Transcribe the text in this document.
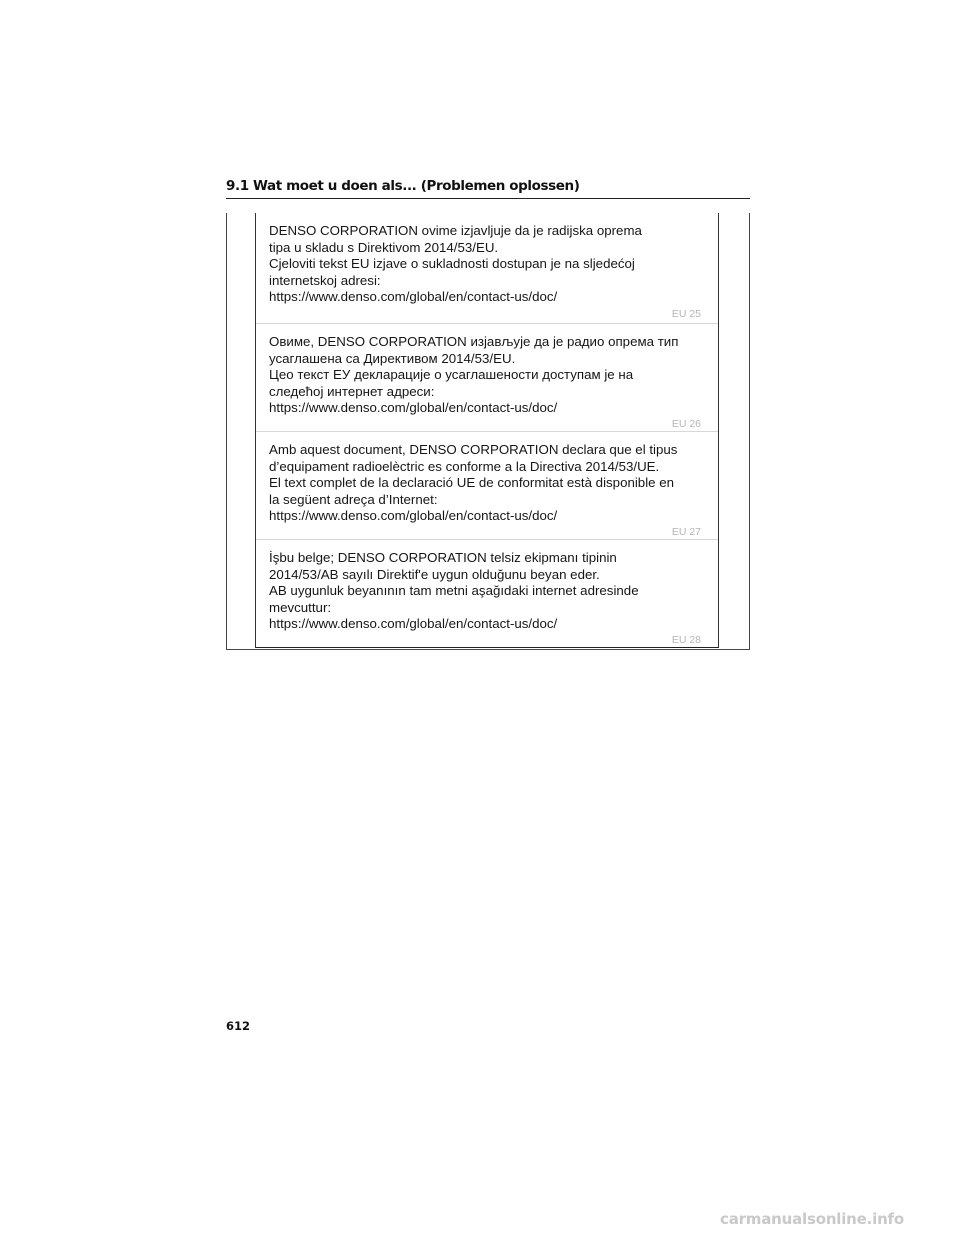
9.1 Wat moet u doen als... (Problemen oplossen)
DENSO CORPORATION ovime izjavljuje da je radijska oprema
tipa u skladu s Direktivom 2014/53/EU.
Cjeloviti tekst EU izjave o sukladnosti dostupan je na sljedećoj
internetskoj adresi:
https://www.denso.com/global/en/contact-us/doc/
EU 25
Овиме, DENSO CORPORATION изјављује да је радио опрема тип
усаглашена са Директивом 2014/53/EU.
Цео текст ЕУ декларације о усаглашености доступам је на
следећој интернет адреси:
https://www.denso.com/global/en/contact-us/doc/
EU 26
Amb aquest document, DENSO CORPORATION declara que el tipus
d’equipament radioelèctric es conforme a la Directiva 2014/53/UE.
El text complet de la declaració UE de conformitat està disponible en
la següent adreça d’Internet:
https://www.denso.com/global/en/contact-us/doc/
EU 27
İşbu belge; DENSO CORPORATION telsiz ekipmanı tipinin
2014/53/AB sayılı Direktif'e uygun olduğunu beyan eder.
AB uygunluk beyanının tam metni aşağıdaki internet adresinde
mevcuttur:
https://www.denso.com/global/en/contact-us/doc/
EU 28
612
carmanualsonline.info
